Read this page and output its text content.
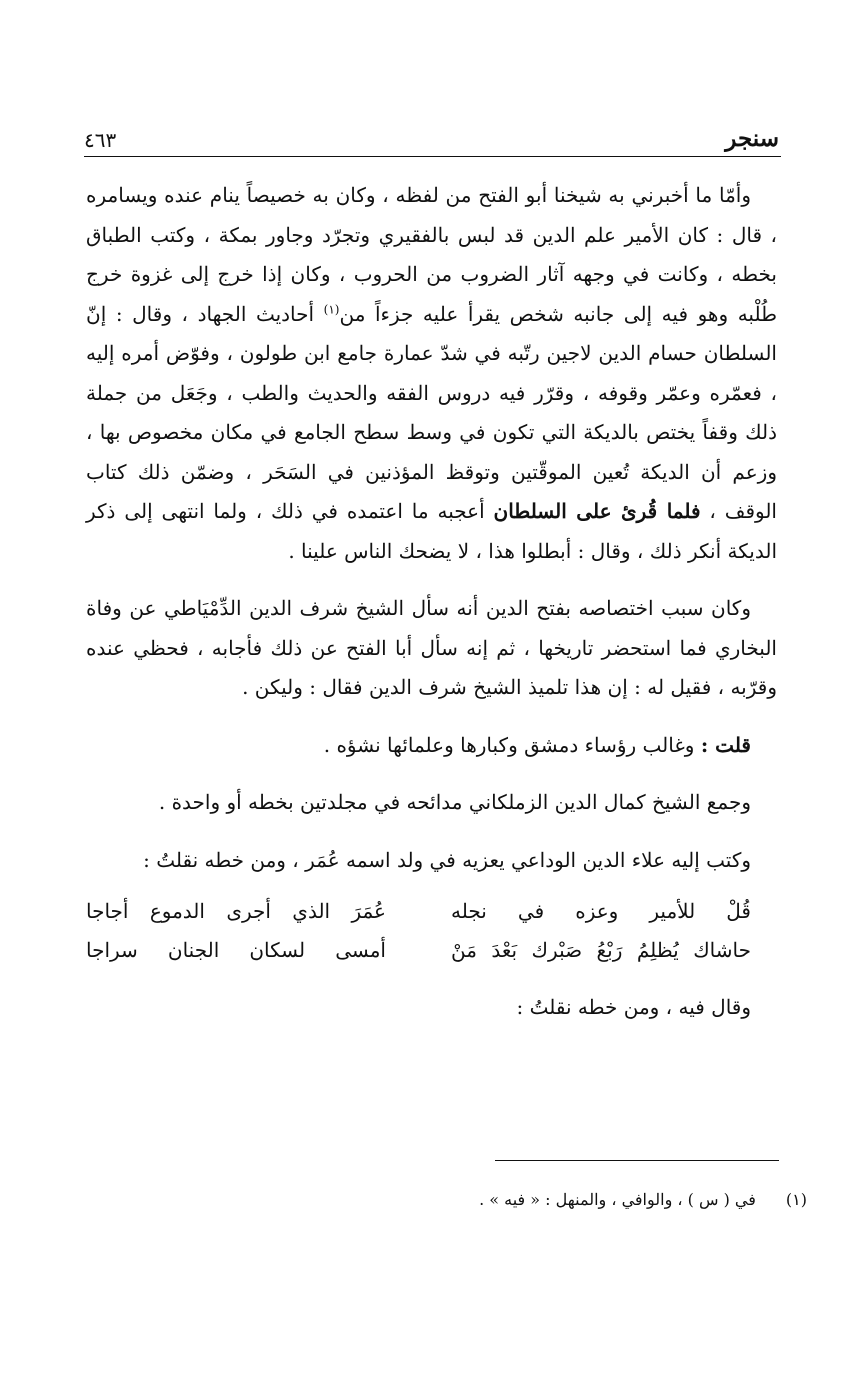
سنجر
٤٦٣

وأمّا ما أخبرني به شيخنا أبو الفتح من لفظه ، وكان به خصيصاً ينام عنده ويسامره ، قال : كان الأمير علم الدين قد لبس بالفقيري وتجرّد وجاور بمكة ، وكتب الطباق بخطه ، وكانت في وجهه آثار الضروب من الحروب ، وكان إذا خرج إلى غزوة خرج طُلْبه وهو فيه إلى جانبه شخص يقرأ عليه جزءاً من$^{(١)}$ أحاديث الجهاد ، وقال : إنّ السلطان حسام الدين لاجين رتّبه في شدّ عمارة جامع ابن طولون ، وفوّض أمره إليه ، فعمّره وعمّر وقوفه ، وقرّر فيه دروس الفقه والحديث والطب ، وجَعَل من جملة ذلك وقفاً يختص بالديكة التي تكون في وسط سطح الجامع في مكان مخصوص بها ، وزعم أن الديكة تُعين الموقّتين وتوقظ المؤذنين في السَحَر ، وضمّن ذلك كتاب الوقف ، فلما قُرئ على السلطان أعجبه ما اعتمده في ذلك ، ولما انتهى إلى ذكر الديكة أنكر ذلك ، وقال : أبطلوا هذا ، لا يضحك الناس علينا .

وكان سبب اختصاصه بفتح الدين أنه سأل الشيخ شرف الدين الدِّمْيَاطي عن وفاة البخاري فما استحضر تاريخها ، ثم إنه سأل أبا الفتح عن ذلك فأجابه ، فحظي عنده وقرّبه ، فقيل له : إن هذا تلميذ الشيخ شرف الدين فقال : وليكن .

قلت : وغالب رؤساء دمشق وكبارها وعلمائها نشؤه .

وجمع الشيخ كمال الدين الزملكاني مدائحه في مجلدتين بخطه أو واحدة .

وكتب إليه علاء الدين الوداعي يعزيه في ولد اسمه عُمَر ، ومن خطه نقلتُ :

قُلْ للأمير وعزه في نجله
عُمَرَ الذي أجرى الدموع أجاجا
حاشاك يُظلِمُ رَبْعُ صَبْرك بَعْدَ مَنْ
أمسى لسكان الجنان سراجا

وقال فيه ، ومن خطه نقلتُ :

(١)
في ( س ) ، والوافي ، والمنهل : « فيه » .
